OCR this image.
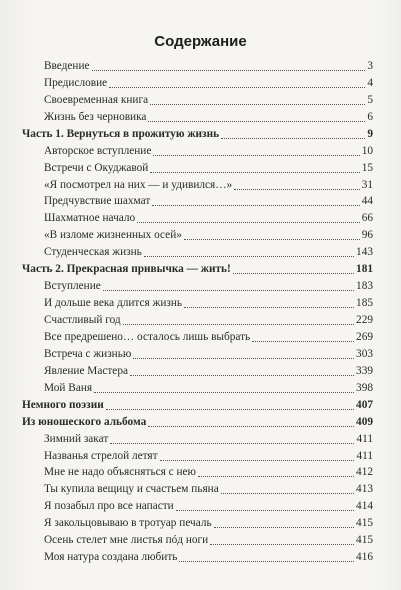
Содержание
Введение	3
Предисловие	4
Своевременная книга	5
Жизнь без черновика	6
Часть 1. Вернуться в прожитую жизнь	9
Авторское вступление	10
Встречи с Окуджавой	15
«Я посмотрел на них — и удивился…»	31
Предчувствие шахмат	44
Шахматное начало	66
«В изломе жизненных осей»	96
Студенческая жизнь	143
Часть 2. Прекрасная привычка — жить!	181
Вступление	183
И дольше века длится жизнь	185
Счастливый год	229
Все предрешено… осталось лишь выбрать	269
Встреча с жизнью	303
Явление Мастера	339
Мой Ваня	398
Немного поэзии	407
Из юношеского альбома	409
Зимний закат	411
Названья стрелой летят	411
Мне не надо объясняться с нею	412
Ты купила вещицу и счастьем пьяна	413
Я позабыл про все напасти	414
Я закольцовываю в тротуар печаль	415
Осень стелет мне листья пóд ноги	415
Моя натура создана любить	416
